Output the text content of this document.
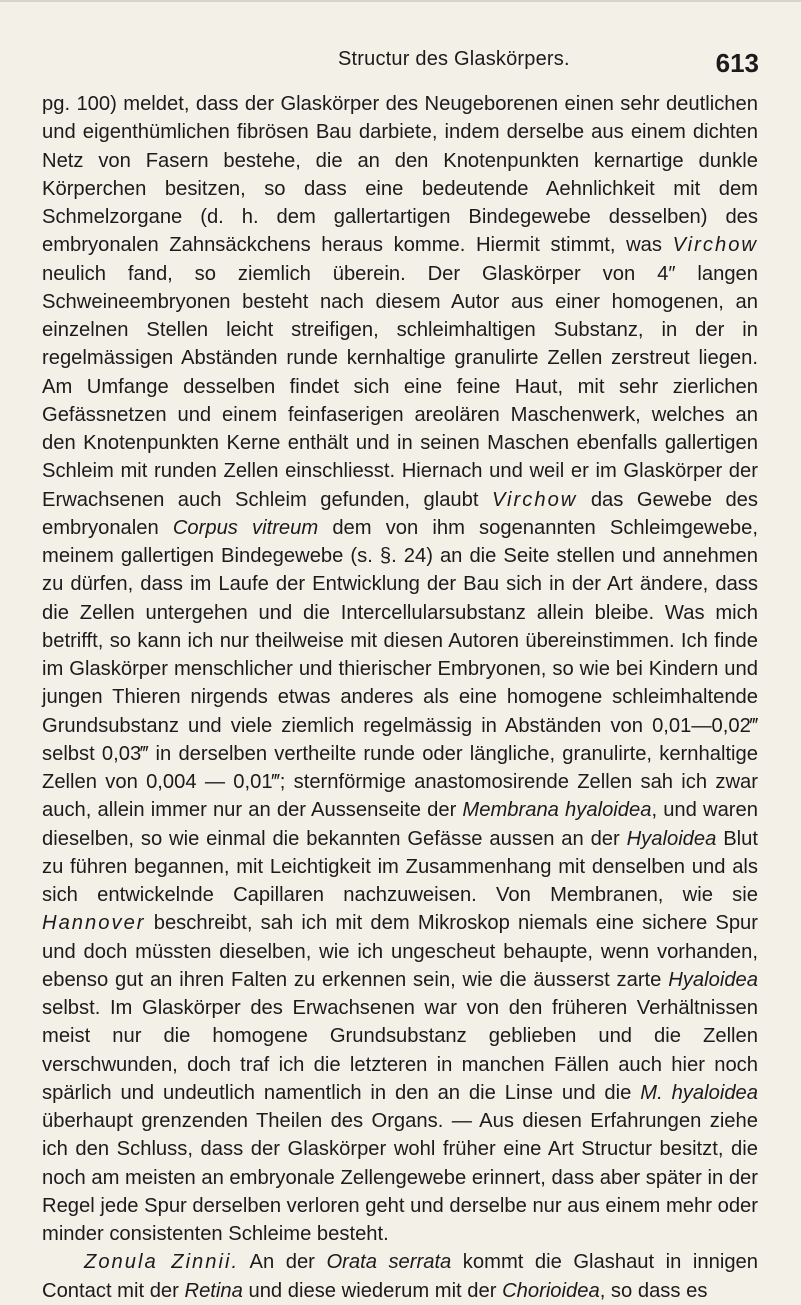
Structur des Glaskörpers.	613

pg. 100) meldet, dass der Glaskörper des Neugeborenen einen sehr deutlichen und eigenthümlichen fibrösen Bau darbiete, indem derselbe aus einem dichten Netz von Fasern bestehe, die an den Knotenpunkten kernartige dunkle Körperchen besitzen, so dass eine bedeutende Aehnlichkeit mit dem Schmelzorgane (d. h. dem gallertartigen Bindegewebe desselben) des embryonalen Zahnsäckchens heraus komme. Hiermit stimmt, was Virchow neulich fand, so ziemlich überein. Der Glaskörper von 4″ langen Schweineembryonen besteht nach diesem Autor aus einer homogenen, an einzelnen Stellen leicht streifigen, schleimhaltigen Substanz, in der in regelmässigen Abständen runde kernhaltige granulirte Zellen zerstreut liegen. Am Umfange desselben findet sich eine feine Haut, mit sehr zierlichen Gefässnetzen und einem feinfaserigen areolären Maschenwerk, welches an den Knotenpunkten Kerne enthält und in seinen Maschen ebenfalls gallertigen Schleim mit runden Zellen einschliesst. Hiernach und weil er im Glaskörper der Erwachsenen auch Schleim gefunden, glaubt Virchow das Gewebe des embryonalen Corpus vitreum dem von ihm sogenannten Schleimgewebe, meinem gallertigen Bindegewebe (s. §. 24) an die Seite stellen und annehmen zu dürfen, dass im Laufe der Entwicklung der Bau sich in der Art ändere, dass die Zellen untergehen und die Intercellularsubstanz allein bleibe. Was mich betrifft, so kann ich nur theilweise mit diesen Autoren übereinstimmen. Ich finde im Glaskörper menschlicher und thierischer Embryonen, so wie bei Kindern und jungen Thieren nirgends etwas anderes als eine homogene schleimhaltende Grundsubstanz und viele ziemlich regelmässig in Abständen von 0,01—0,02‴ selbst 0,03‴ in derselben vertheilte runde oder längliche, granulirte, kernhaltige Zellen von 0,004 — 0,01‴; sternförmige anastomosirende Zellen sah ich zwar auch, allein immer nur an der Aussenseite der Membrana hyaloidea, und waren dieselben, so wie einmal die bekannten Gefässe aussen an der Hyaloidea Blut zu führen begannen, mit Leichtigkeit im Zusammenhang mit denselben und als sich entwickelnde Capillaren nachzuweisen. Von Membranen, wie sie Hannover beschreibt, sah ich mit dem Mikroskop niemals eine sichere Spur und doch müssten dieselben, wie ich ungescheut behaupte, wenn vorhanden, ebenso gut an ihren Falten zu erkennen sein, wie die äusserst zarte Hyaloidea selbst. Im Glaskörper des Erwachsenen war von den früheren Verhältnissen meist nur die homogene Grundsubstanz geblieben und die Zellen verschwunden, doch traf ich die letzteren in manchen Fällen auch hier noch spärlich und undeutlich namentlich in den an die Linse und die M. hyaloidea überhaupt grenzenden Theilen des Organs. — Aus diesen Erfahrungen ziehe ich den Schluss, dass der Glaskörper wohl früher eine Art Structur besitzt, die noch am meisten an embryonale Zellengewebe erinnert, dass aber später in der Regel jede Spur derselben verloren geht und derselbe nur aus einem mehr oder minder consistenten Schleime besteht.

Zonula Zinnii. An der Orata serrata kommt die Glashaut in innigen Contact mit der Retina und diese wiederum mit der Chorioidea, so dass es
